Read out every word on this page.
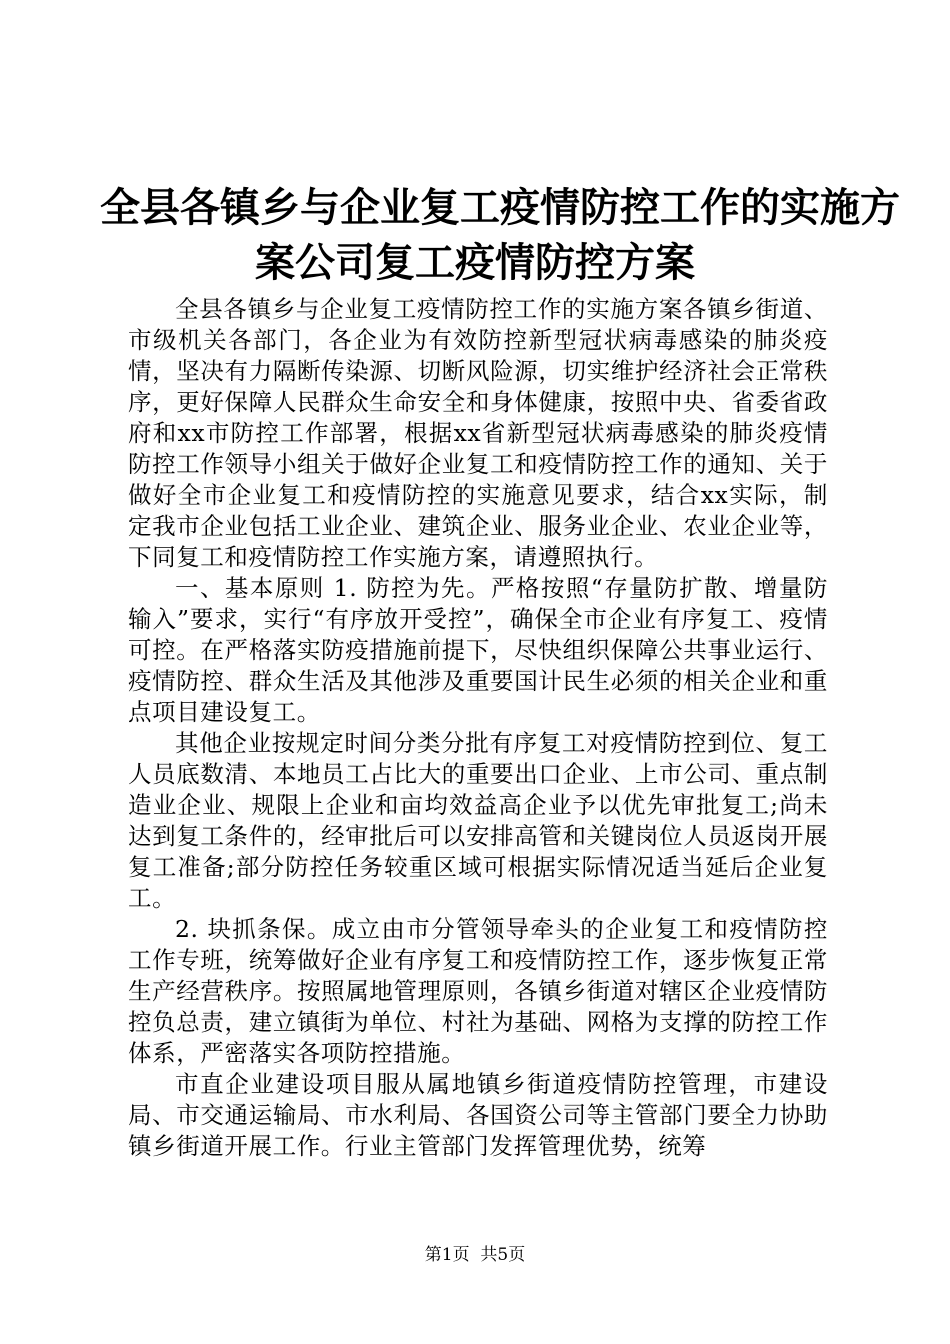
全县各镇乡与企业复工疫情防控工作的实施方
案公司复工疫情防控方案

全县各镇乡与企业复工疫情防控工作的实施方案各镇乡街道、市级机关各部门，各企业为有效防控新型冠状病毒感染的肺炎疫情，坚决有力隔断传染源、切断风险源，切实维护经济社会正常秩序，更好保障人民群众生命安全和身体健康，按照中央、省委省政府和xx市防控工作部署，根据xx省新型冠状病毒感染的肺炎疫情防控工作领导小组关于做好企业复工和疫情防控工作的通知、关于做好全市企业复工和疫情防控的实施意见要求，结合xx实际，制定我市企业包括工业企业、建筑企业、服务业企业、农业企业等，下同复工和疫情防控工作实施方案，请遵照执行。

一、基本原则 1. 防控为先。严格按照“存量防扩散、增量防输入”要求，实行“有序放开受控”，确保全市企业有序复工、疫情可控。在严格落实防疫措施前提下，尽快组织保障公共事业运行、疫情防控、群众生活及其他涉及重要国计民生必须的相关企业和重点项目建设复工。

其他企业按规定时间分类分批有序复工对疫情防控到位、复工人员底数清、本地员工占比大的重要出口企业、上市公司、重点制造业企业、规限上企业和亩均效益高企业予以优先审批复工;尚未达到复工条件的，经审批后可以安排高管和关键岗位人员返岗开展复工准备;部分防控任务较重区域可根据实际情况适当延后企业复工。

2. 块抓条保。成立由市分管领导牵头的企业复工和疫情防控工作专班，统筹做好企业有序复工和疫情防控工作，逐步恢复正常生产经营秩序。按照属地管理原则，各镇乡街道对辖区企业疫情防控负总责，建立镇街为单位、村社为基础、网格为支撑的防控工作体系，严密落实各项防控措施。

市直企业建设项目服从属地镇乡街道疫情防控管理，市建设局、市交通运输局、市水利局、各国资公司等主管部门要全力协助镇乡街道开展工作。行业主管部门发挥管理优势，统筹

第1页  共5页
